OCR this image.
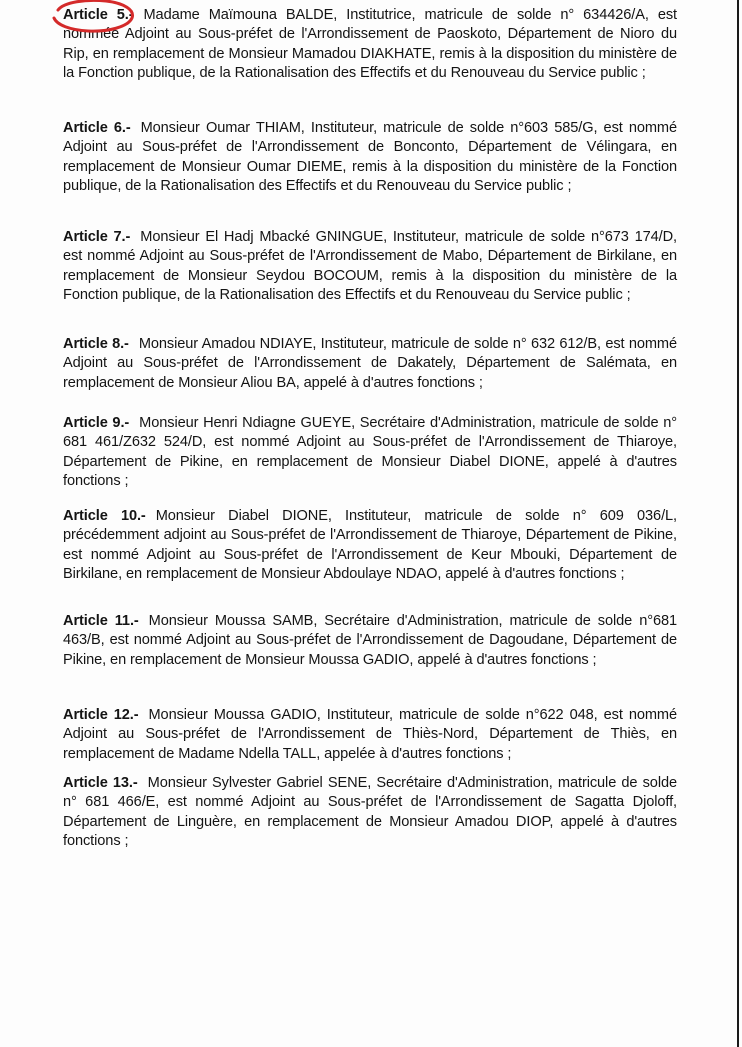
Article 5.- Madame Maïmouna BALDE, Institutrice, matricule de solde n° 634426/A, est nommée Adjoint au Sous-préfet de l'Arrondissement de Paoskoto, Département de Nioro du Rip, en remplacement de Monsieur Mamadou DIAKHATE, remis à la disposition du ministère de la Fonction publique, de la Rationalisation des Effectifs et du Renouveau du Service public ;
Article 6.- Monsieur Oumar THIAM, Instituteur, matricule de solde n°603 585/G, est nommé Adjoint au Sous-préfet de l'Arrondissement de Bonconto, Département de Vélingara, en remplacement de Monsieur Oumar DIEME, remis à la disposition du ministère de la Fonction publique, de la Rationalisation des Effectifs et du Renouveau du Service public ;
Article 7.- Monsieur El Hadj Mbacké GNINGUE, Instituteur, matricule de solde n°673 174/D, est nommé Adjoint au Sous-préfet de l'Arrondissement de Mabo, Département de Birkilane, en remplacement de Monsieur Seydou BOCOUM, remis à la disposition du ministère de la Fonction publique, de la Rationalisation des Effectifs et du Renouveau du Service public ;
Article 8.- Monsieur Amadou NDIAYE, Instituteur, matricule de solde n° 632 612/B, est nommé Adjoint au Sous-préfet de l'Arrondissement de Dakately, Département de Salémata, en remplacement de Monsieur Aliou BA, appelé à d'autres fonctions ;
Article 9.- Monsieur Henri Ndiagne GUEYE, Secrétaire d'Administration, matricule de solde n° 681 461/Z632 524/D, est nommé Adjoint au Sous-préfet de l'Arrondissement de Thiaroye, Département de Pikine, en remplacement de Monsieur Diabel DIONE, appelé à d'autres fonctions ;
Article 10.- Monsieur Diabel DIONE, Instituteur, matricule de solde n° 609 036/L, précédemment adjoint au Sous-préfet de l'Arrondissement de Thiaroye, Département de Pikine, est nommé Adjoint au Sous-préfet de l'Arrondissement de Keur Mbouki, Département de Birkilane, en remplacement de Monsieur Abdoulaye NDAO, appelé à d'autres fonctions ;
Article 11.- Monsieur Moussa SAMB, Secrétaire d'Administration, matricule de solde n°681 463/B, est nommé Adjoint au Sous-préfet de l'Arrondissement de Dagoudane, Département de Pikine, en remplacement de Monsieur Moussa GADIO, appelé à d'autres fonctions ;
Article 12.- Monsieur Moussa GADIO, Instituteur, matricule de solde n°622 048, est nommé Adjoint au Sous-préfet de l'Arrondissement de Thiès-Nord, Département de Thiès, en remplacement de Madame Ndella TALL, appelée à d'autres fonctions ;
Article 13.- Monsieur Sylvester Gabriel SENE, Secrétaire d'Administration, matricule de solde n° 681 466/E, est nommé Adjoint au Sous-préfet de l'Arrondissement de Sagatta Djoloff, Département de Linguère, en remplacement de Monsieur Amadou DIOP, appelé à d'autres fonctions ;
